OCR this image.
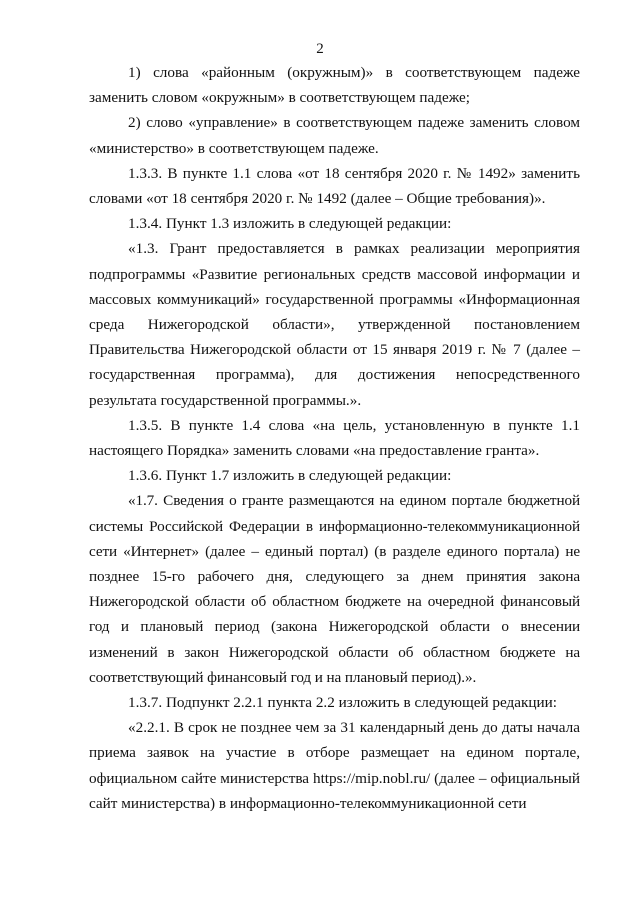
2

1) слова «районным (окружным)» в соответствующем падеже заменить словом «окружным» в соответствующем падеже;

2) слово «управление» в соответствующем падеже заменить словом «министерство» в соответствующем падеже.

1.3.3. В пункте 1.1 слова «от 18 сентября 2020 г. № 1492» заменить словами «от 18 сентября 2020 г. № 1492 (далее – Общие требования)».

1.3.4. Пункт 1.3 изложить в следующей редакции:

«1.3. Грант предоставляется в рамках реализации мероприятия подпрограммы «Развитие региональных средств массовой информации и массовых коммуникаций» государственной программы «Информационная среда Нижегородской области», утвержденной постановлением Правительства Нижегородской области от 15 января 2019 г. № 7 (далее – государственная программа), для достижения непосредственного результата государственной программы.».

1.3.5. В пункте 1.4 слова «на цель, установленную в пункте 1.1 настоящего Порядка» заменить словами «на предоставление гранта».

1.3.6. Пункт 1.7 изложить в следующей редакции:

«1.7. Сведения о гранте размещаются на едином портале бюджетной системы Российской Федерации в информационно-телекоммуникационной сети «Интернет» (далее – единый портал) (в разделе единого портала) не позднее 15-го рабочего дня, следующего за днем принятия закона Нижегородской области об областном бюджете на очередной финансовый год и плановый период (закона Нижегородской области о внесении изменений в закон Нижегородской области об областном бюджете на соответствующий финансовый год и на плановый период).».

1.3.7. Подпункт 2.2.1 пункта 2.2 изложить в следующей редакции:

«2.2.1. В срок не позднее чем за 31 календарный день до даты начала приема заявок на участие в отборе размещает на едином портале, официальном сайте министерства https://mip.nobl.ru/ (далее – официальный сайт министерства) в информационно-телекоммуникационной сети
